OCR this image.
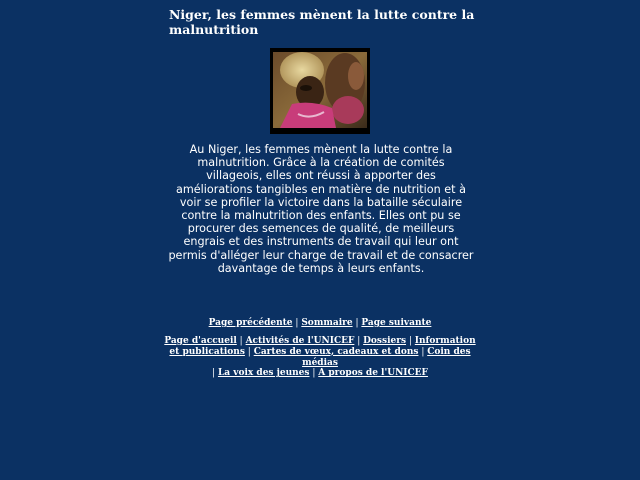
Niger, les femmes mènent la lutte contre la malnutrition

Au Niger, les femmes mènent la lutte contre la malnutrition. Grâce à la création de comités villageois, elles ont réussi à apporter des améliorations tangibles en matière de nutrition et à voir se profiler la victoire dans la bataille séculaire contre la malnutrition des enfants. Elles ont pu se procurer des semences de qualité, de meilleurs engrais et des instruments de travail qui leur ont permis d'alléger leur charge de travail et de consacrer davantage de temps à leurs enfants.

Page précédente | Sommaire | Page suivante
Page d'accueil | Activités de l'UNICEF | Dossiers | Information et publications | Cartes de vœux, cadeaux et dons | Coin des médias
| La voix des jeunes | A propos de l'UNICEF
